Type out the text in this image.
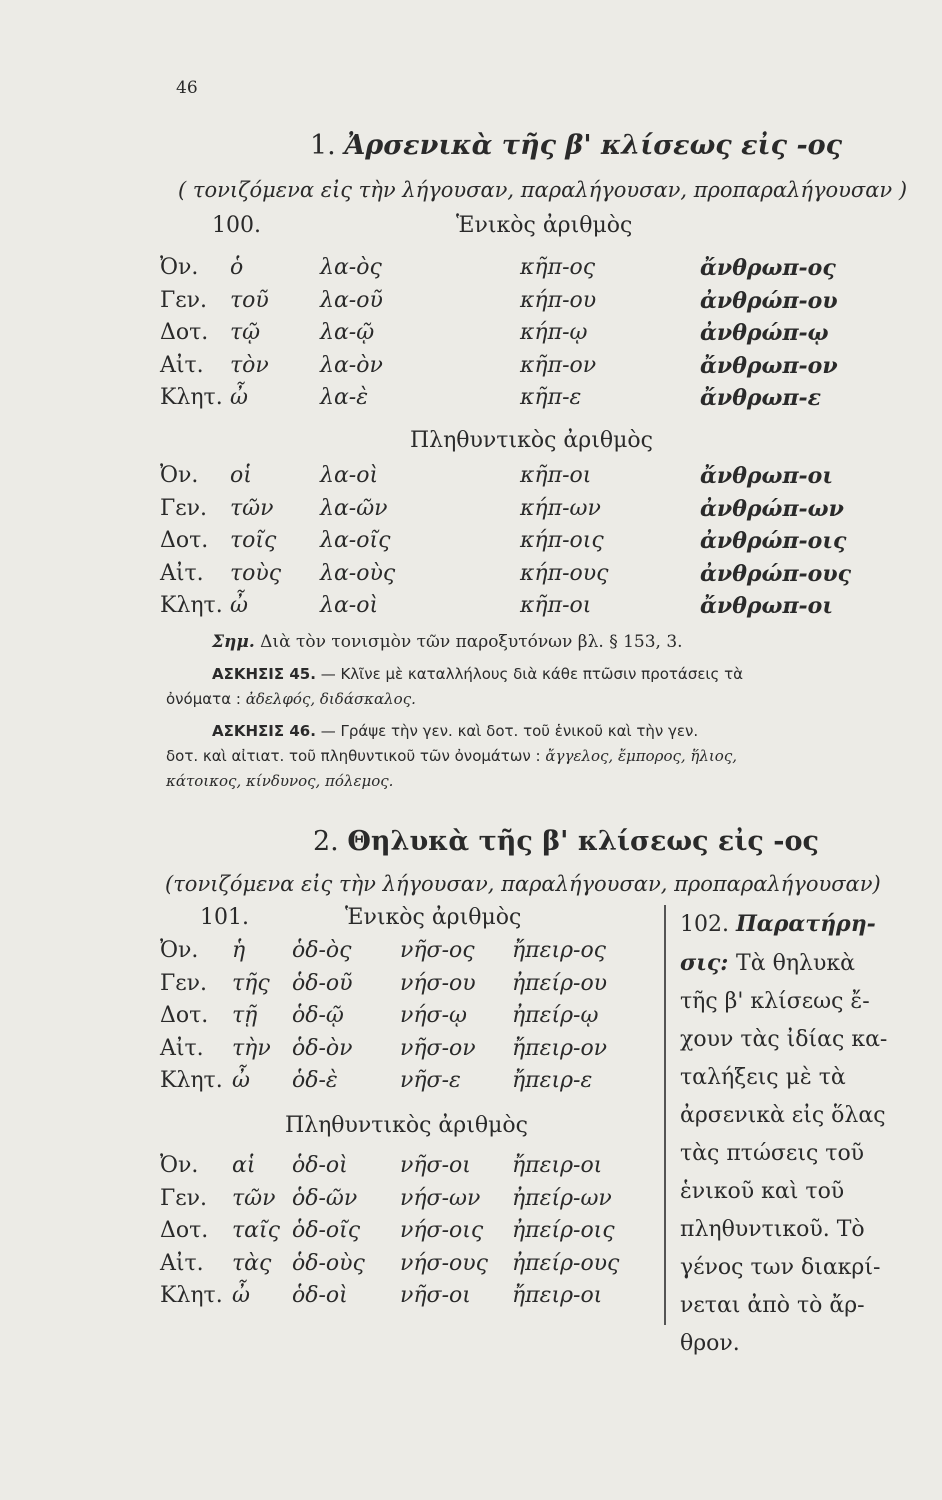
46
1. Ἀρσενικὰ τῆς β' κλίσεως εἰς -ος
( τονιζόμενα εἰς τὴν λήγουσαν, παραλήγουσαν, προπαραλήγουσαν )
100.	Ἑνικὸς ἀριθμὸς
Ὀν. ὁ	λα-ὸς	κῆπ-ος	ἄνθρωπ-ος
Γεν. τοῦ λα-οῦ	κήπ-ου	ἀνθρώπ-ου
Δοτ. τῷ	λα-ῷ	κήπ-ῳ	ἀνθρώπ-ῳ
Αἰτ. τὸν λα-ὸν	κῆπ-ον	ἄνθρωπ-ον
Κλητ. ὦ	λα-ὲ	κῆπ-ε	ἄνθρωπ-ε
Πληθυντικὸς ἀριθμὸς
Ὀν. οἱ	λα-οὶ	κῆπ-οι	ἄνθρωπ-οι
Γεν. τῶν λα-ῶν	κήπ-ων	ἀνθρώπ-ων
Δοτ. τοῖς λα-οῖς	κήπ-οις	ἀνθρώπ-οις
Αἰτ. τοὺς λα-οὺς	κήπ-ους	ἀνθρώπ-ους
Κλητ. ὦ	λα-οὶ	κῆπ-οι	ἄνθρωπ-οι
Σημ. Διὰ τὸν τονισμὸν τῶν παροξυτόνων βλ. § 153, 3.
ΑΣΚΗΣΙΣ 45. — Κλῖνε μὲ καταλλήλους διὰ κάθε πτῶσιν προτάσεις τὰ
ὀνόματα : ἀδελφός, διδάσκαλος.
ΑΣΚΗΣΙΣ 46. — Γράψε τὴν γεν. καὶ δοτ. τοῦ ἑνικοῦ καὶ τὴν γεν.
δοτ. καὶ αἰτιατ. τοῦ πληθυντικοῦ τῶν ὀνομάτων : ἄγγελος, ἔμπορος, ἥλιος,
κάτοικος, κίνδυνος, πόλεμος.
2. Θηλυκὰ τῆς β' κλίσεως εἰς -ος
(τονιζόμενα εἰς τὴν λήγουσαν, παραλήγουσαν, προπαραλήγουσαν)
101.	Ἑνικὸς ἀριθμὸς
Ὀν. ἡ ὁδ-ὸς νῆσ-ος ἤπειρ-ος
Γεν. τῆς ὁδ-οῦ νήσ-ου ἠπείρ-ου
Δοτ. τῇ ὁδ-ῷ	νήσ-ῳ ἠπείρ-ῳ
Αἰτ. τὴν ὁδ-ὸν νῆσ-ον ἤπειρ-ον
Κλητ. ὦ ὁδ-ὲ	νῆσ-ε ἤπειρ-ε
Πληθυντικὸς ἀριθμὸς
Ὀν. αἱ ὁδ-οὶ νῆσ-οι ἤπειρ-οι
Γεν. τῶν ὁδ-ῶν νήσ-ων ἠπείρ-ων
Δοτ. ταῖς ὁδ-οῖς νήσ-οις ἠπείρ-οις
Αἰτ. τὰς ὁδ-οὺς νήσ-ους ἠπείρ-ους
Κλητ. ὦ ὁδ-οὶ νῆσ-οι ἤπειρ-οι
102. Παρατήρη-
σις: Τὰ θηλυκὰ
τῆς β' κλίσεως ἔ-
χουν τὰς ἰδίας κα-
ταλήξεις μὲ τὰ
ἀρσενικὰ εἰς ὅλας
τὰς πτώσεις τοῦ
ἑνικοῦ καὶ τοῦ
πληθυντικοῦ. Τὸ
γένος των διακρί-
νεται ἀπὸ τὸ ἄρ-
θρον.
